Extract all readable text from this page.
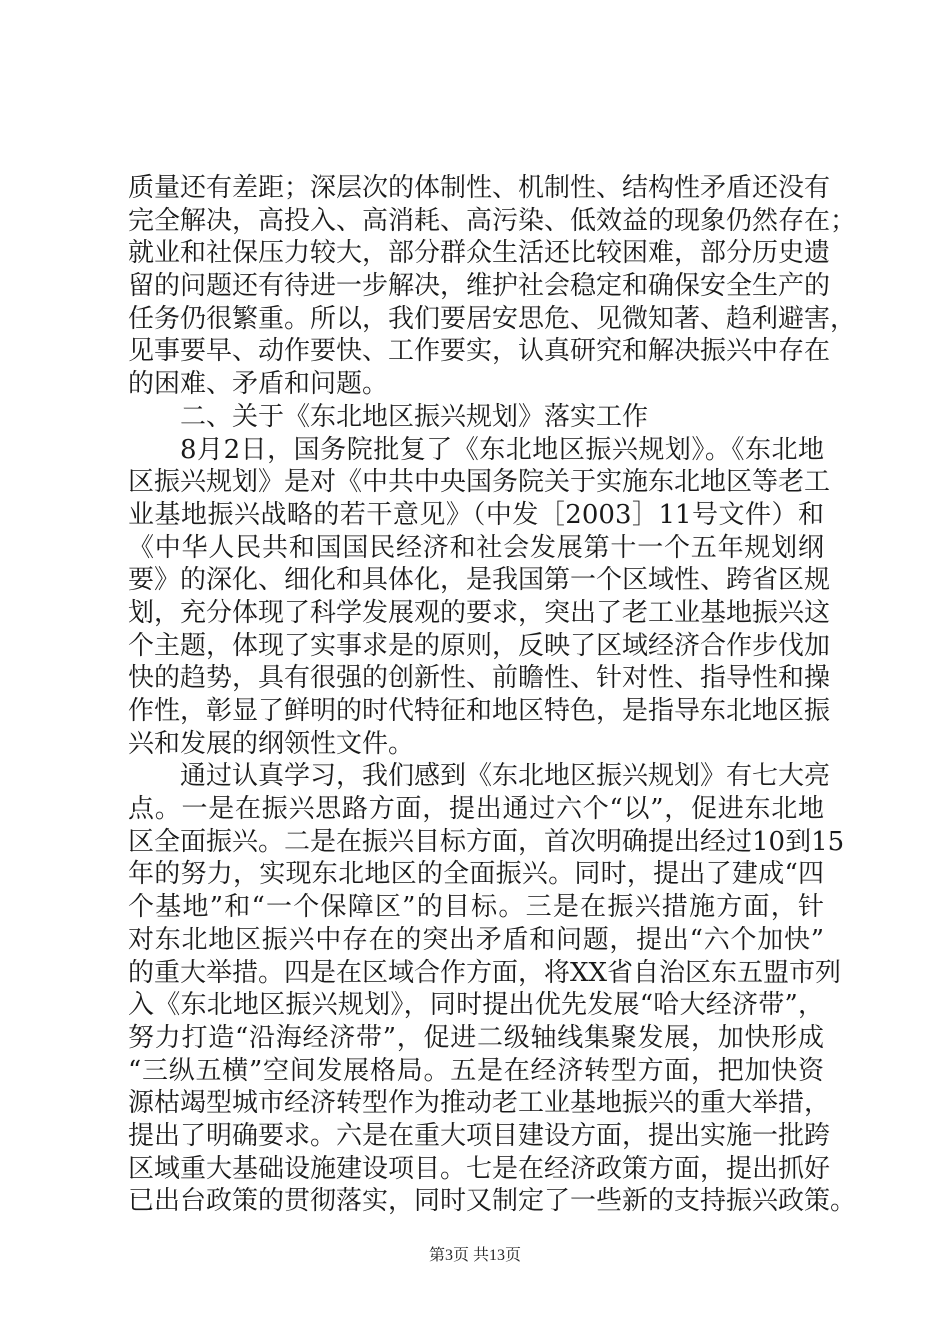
质量还有差距；深层次的体制性、机制性、结构性矛盾还没有
完全解决，高投入、高消耗、高污染、低效益的现象仍然存在；
就业和社保压力较大，部分群众生活还比较困难，部分历史遗
留的问题还有待进一步解决，维护社会稳定和确保安全生产的
任务仍很繁重。所以，我们要居安思危、见微知著、趋利避害，
见事要早、动作要快、工作要实，认真研究和解决振兴中存在
的困难、矛盾和问题。
二、关于《东北地区振兴规划》落实工作
8月2日，国务院批复了《东北地区振兴规划》。《东北地
区振兴规划》是对《中共中央国务院关于实施东北地区等老工
业基地振兴战略的若干意见》（中发［2003］11号文件）和
《中华人民共和国国民经济和社会发展第十一个五年规划纲
要》的深化、细化和具体化，是我国第一个区域性、跨省区规
划，充分体现了科学发展观的要求，突出了老工业基地振兴这
个主题，体现了实事求是的原则，反映了区域经济合作步伐加
快的趋势，具有很强的创新性、前瞻性、针对性、指导性和操
作性，彰显了鲜明的时代特征和地区特色，是指导东北地区振
兴和发展的纲领性文件。
通过认真学习，我们感到《东北地区振兴规划》有七大亮
点。一是在振兴思路方面，提出通过六个“以”，促进东北地
区全面振兴。二是在振兴目标方面，首次明确提出经过10到15
年的努力，实现东北地区的全面振兴。同时，提出了建成“四
个基地”和“一个保障区”的目标。三是在振兴措施方面，针
对东北地区振兴中存在的突出矛盾和问题，提出“六个加快”
的重大举措。四是在区域合作方面，将XX省自治区东五盟市列
入《东北地区振兴规划》，同时提出优先发展“哈大经济带”，
努力打造“沿海经济带”，促进二级轴线集聚发展，加快形成
“三纵五横”空间发展格局。五是在经济转型方面，把加快资
源枯竭型城市经济转型作为推动老工业基地振兴的重大举措，
提出了明确要求。六是在重大项目建设方面，提出实施一批跨
区域重大基础设施建设项目。七是在经济政策方面，提出抓好
已出台政策的贯彻落实，同时又制定了一些新的支持振兴政策。
第3页 共13页
